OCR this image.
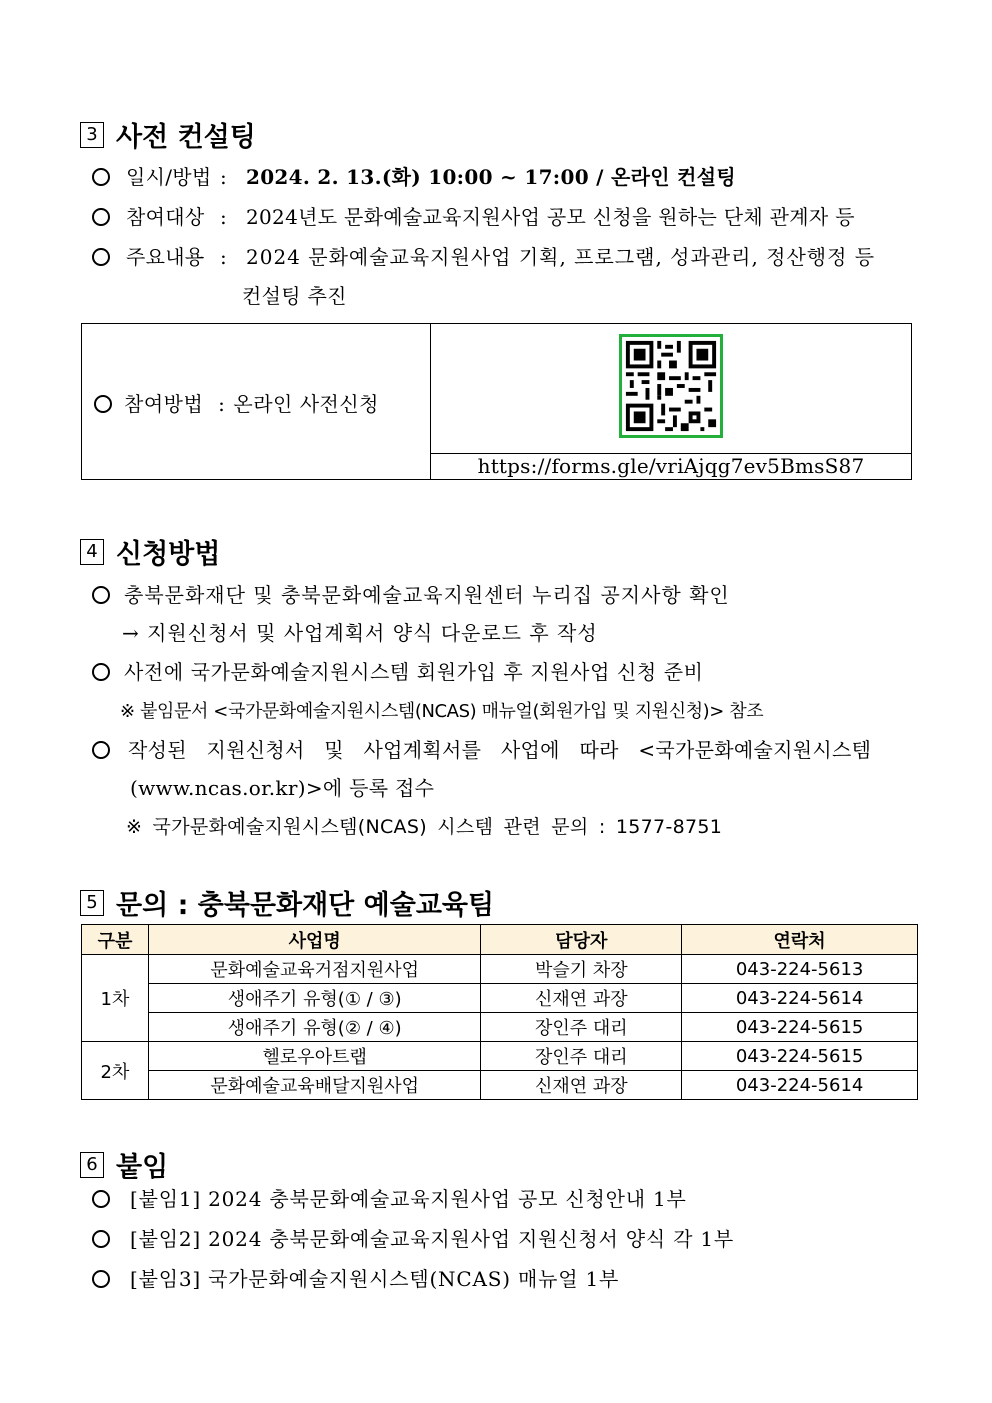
3 사전 컨설팅
일시/방법 : 2024. 2. 13.(화) 10:00 ~ 17:00 / 온라인 컨설팅
참여대상 : 2024년도 문화예술교육지원사업 공모 신청을 원하는 단체 관계자 등
주요내용 : 2024 문화예술교육지원사업 기획, 프로그램, 성과관리, 정산행정 등
컨설팅 추진
참여방법 : 온라인 사전신청
https://forms.gle/vriAjqg7ev5BmsS87
4 신청방법
충북문화재단 및 충북문화예술교육지원센터 누리집 공지사항 확인
→ 지원신청서 및 사업계획서 양식 다운로드 후 작성
사전에 국가문화예술지원시스템 회원가입 후 지원사업 신청 준비
※ 붙임문서 <국가문화예술지원시스템(NCAS) 매뉴얼(회원가입 및 지원신청)> 참조
작성된 지원신청서 및 사업계획서를 사업에 따라 <국가문화예술지원시스템
(www.ncas.or.kr)>에 등록 접수
※ 국가문화예술지원시스템(NCAS) 시스템 관련 문의 : 1577-8751
5 문의 : 충북문화재단 예술교육팀
구분	사업명	담당자	연락처
1차	문화예술교육거점지원사업	박슬기 차장	043-224-5613
	생애주기 유형(① / ③)	신재연 과장	043-224-5614
	생애주기 유형(② / ④)	장인주 대리	043-224-5615
2차	헬로우아트랩	장인주 대리	043-224-5615
	문화예술교육배달지원사업	신재연 과장	043-224-5614
6 붙임
[붙임1] 2024 충북문화예술교육지원사업 공모 신청안내 1부
[붙임2] 2024 충북문화예술교육지원사업 지원신청서 양식 각 1부
[붙임3] 국가문화예술지원시스템(NCAS) 매뉴얼 1부
